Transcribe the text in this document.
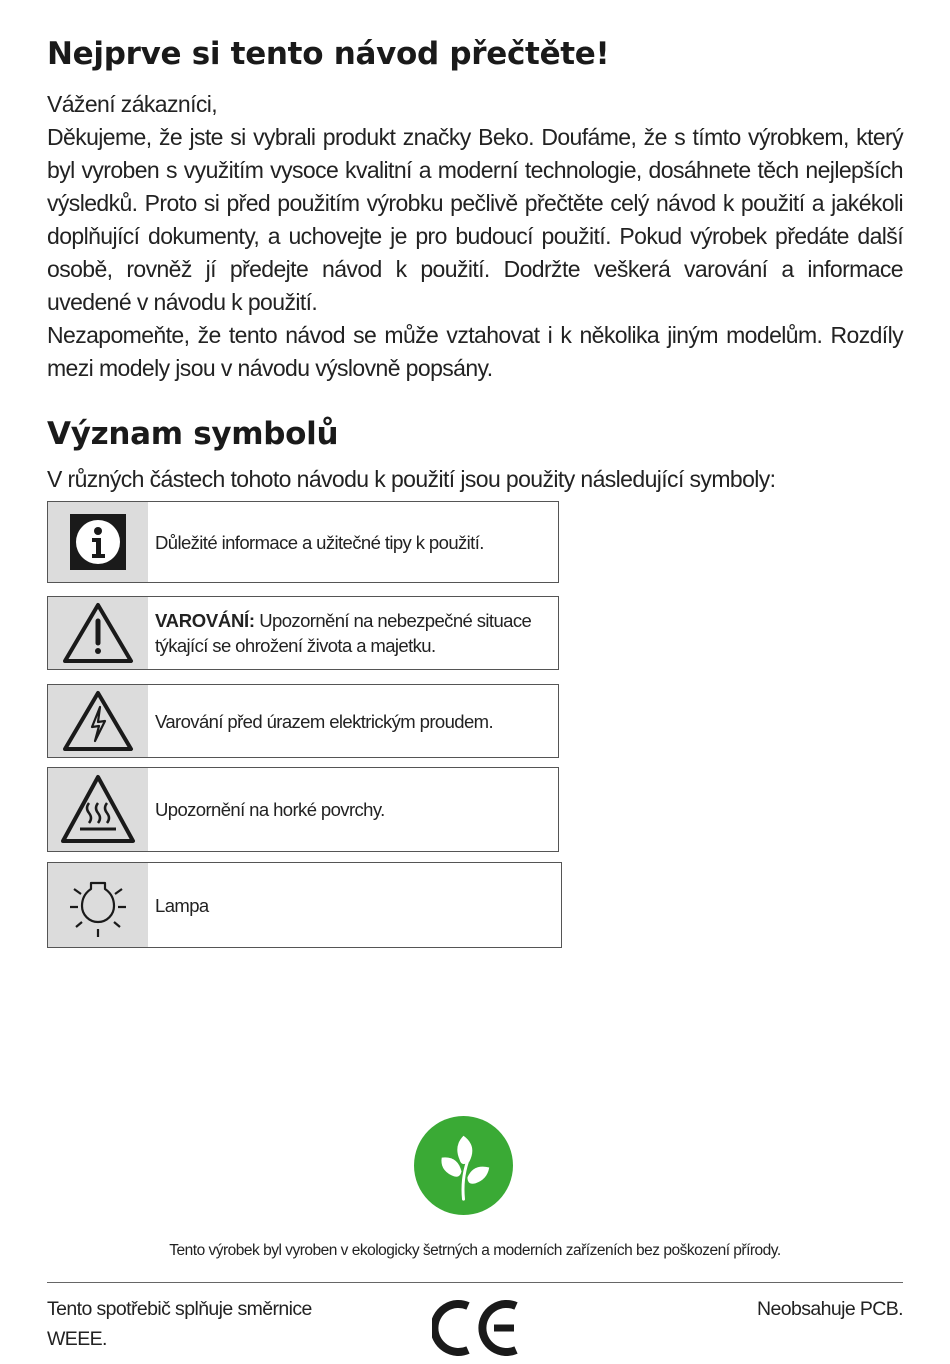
Nejprve si tento návod přečtěte!

Vážení zákazníci,

Děkujeme, že jste si vybrali produkt značky Beko. Doufáme, že s tímto výrobkem, který byl vyroben s využitím vysoce kvalitní a moderní technologie, dosáhnete těch nejlepších výsledků. Proto si před použitím výrobku pečlivě přečtěte celý návod k použití a jakékoli doplňující dokumenty, a uchovejte je pro budoucí použití. Pokud výrobek předáte další osobě, rovněž jí předejte návod k použití. Dodržte veškerá varování a informace uvedené v návodu k použití.

Nezapomeňte, že tento návod se může vztahovat i k několika jiným modelům. Rozdíly mezi modely jsou v návodu výslovně popsány.

Význam symbolů
V různých částech tohoto návodu k použití jsou použity následující symboly:
Důležité informace a užitečné tipy k použití.
VAROVÁNÍ: Upozornění na nebezpečné situace týkající se ohrožení života a majetku.
Varování před úrazem elektrickým proudem.
Upozornění na horké povrchy.
Lampa
Tento výrobek byl vyroben v ekologicky šetrných a moderních zařízeních bez poškození přírody.
Tento spotřebič splňuje směrnice WEEE.
Neobsahuje PCB.
